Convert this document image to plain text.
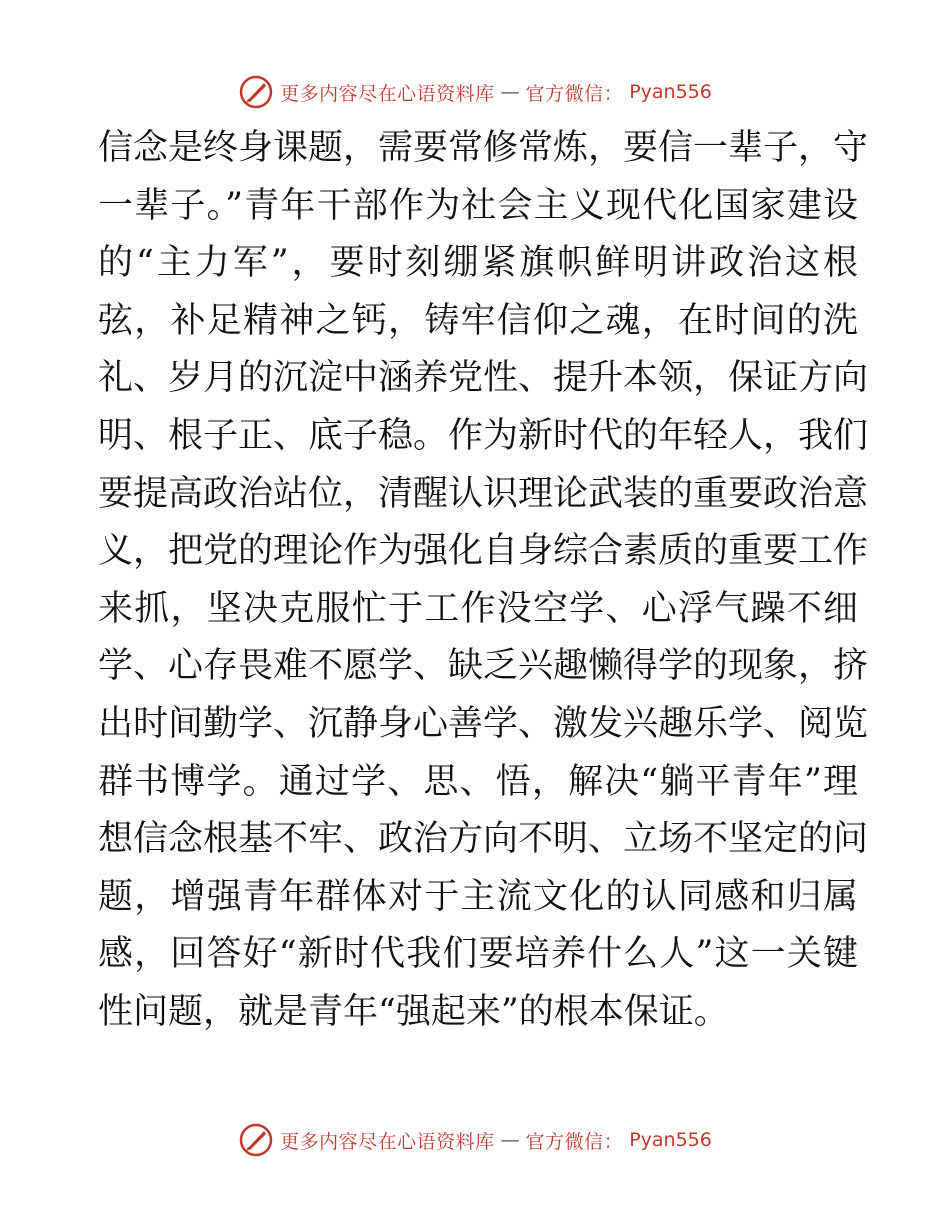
更多内容尽在心语资料库 — 官方微信： Pyan556
信念是终身课题，需要常修常炼，要信一辈子，守
一辈子。”青年干部作为社会主义现代化国家建设
的“主力军”，要时刻绷紧旗帜鲜明讲政治这根
弦，补足精神之钙，铸牢信仰之魂，在时间的洗
礼、岁月的沉淀中涵养党性、提升本领，保证方向
明、根子正、底子稳。作为新时代的年轻人，我们
要提高政治站位，清醒认识理论武装的重要政治意
义，把党的理论作为强化自身综合素质的重要工作
来抓，坚决克服忙于工作没空学、心浮气躁不细
学、心存畏难不愿学、缺乏兴趣懒得学的现象，挤
出时间勤学、沉静身心善学、激发兴趣乐学、阅览
群书博学。通过学、思、悟，解决“躺平青年”理
想信念根基不牢、政治方向不明、立场不坚定的问
题，增强青年群体对于主流文化的认同感和归属
感，回答好“新时代我们要培养什么人”这一关键
性问题，就是青年“强起来”的根本保证。
更多内容尽在心语资料库 — 官方微信： Pyan556
